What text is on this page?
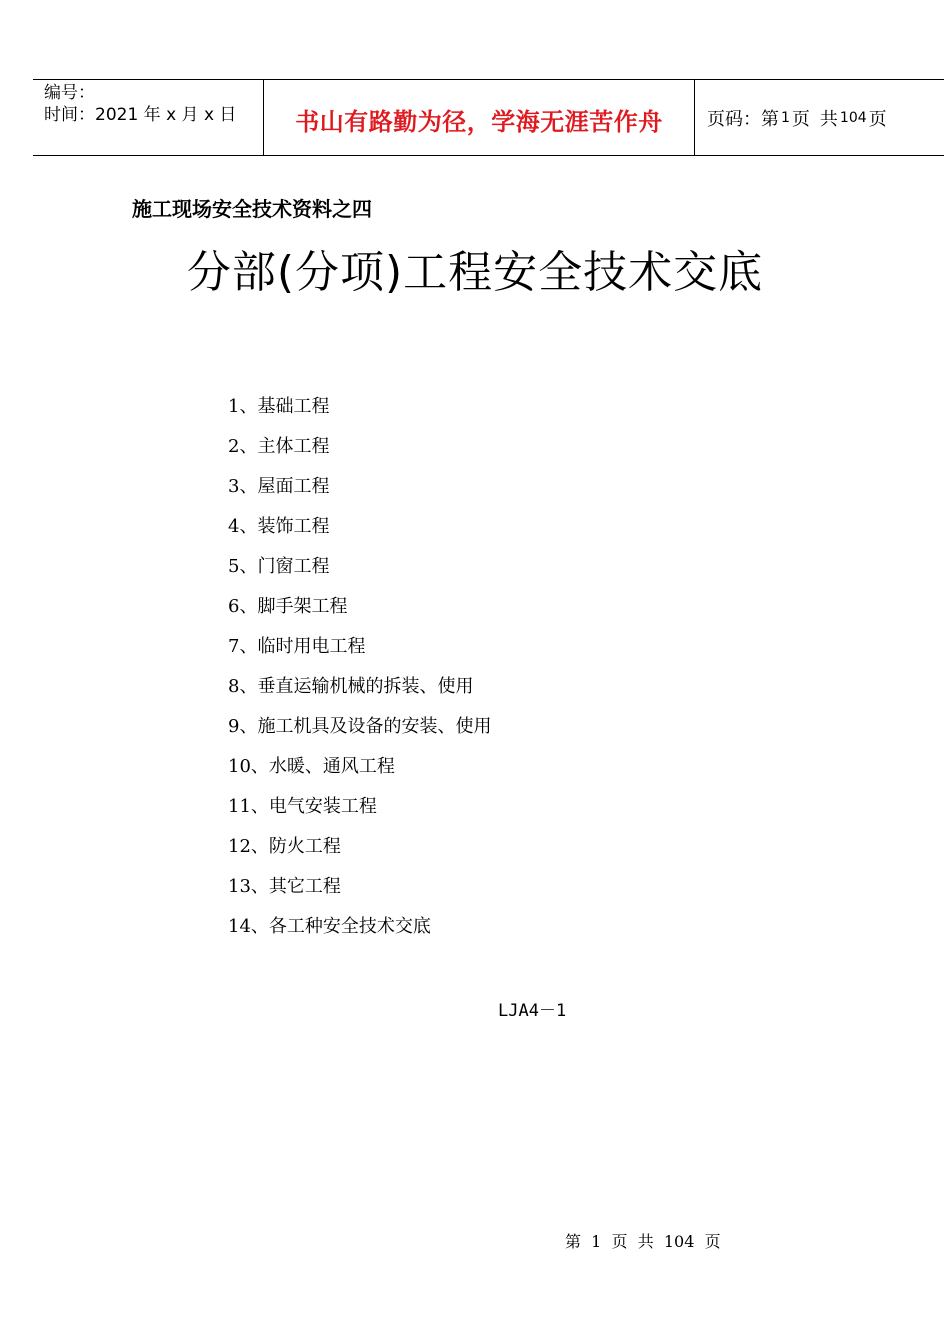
编号：
时间：2021 年 x 月 x 日	书山有路勤为径，学海无涯苦作舟 页码：第 1 页 共 104 页
施工现场安全技术资料之四
分部(分项)工程安全技术交底
1、基础工程
2、主体工程
3、屋面工程
4、装饰工程
5、门窗工程
6、脚手架工程
7、临时用电工程
8、垂直运输机械的拆装、使用
9、施工机具及设备的安装、使用
10、水暖、通风工程
11、电气安装工程
12、防火工程
13、其它工程
14、各工种安全技术交底
LJA4－1
第  1  页  共  104  页
